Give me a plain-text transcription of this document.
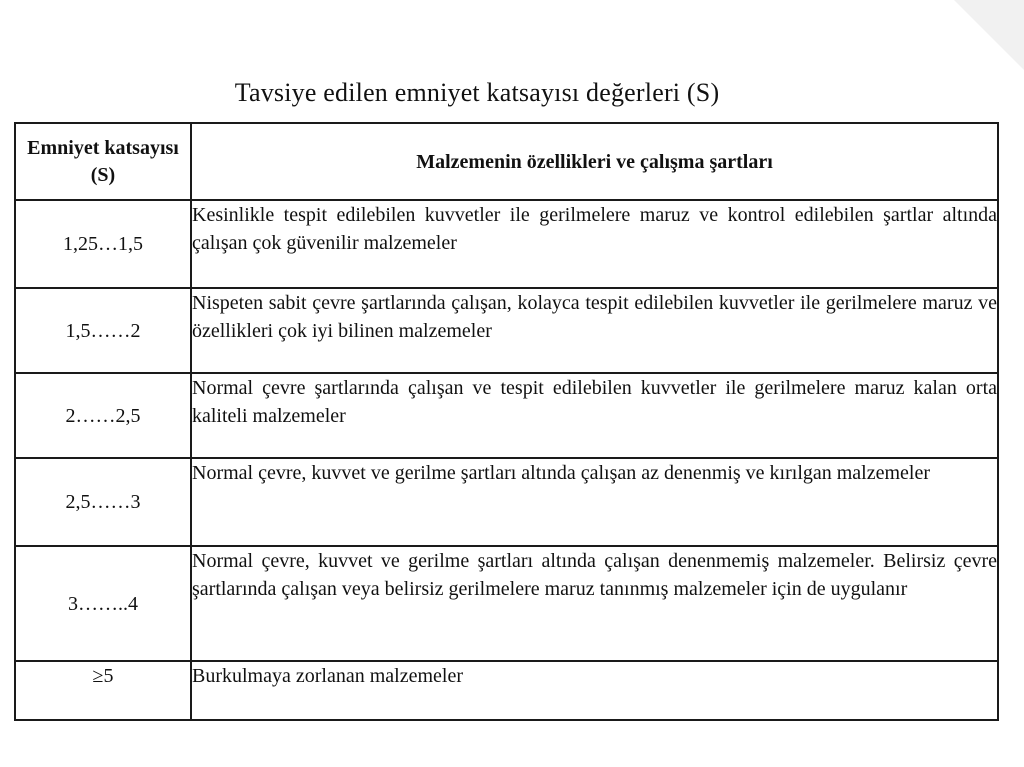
Tavsiye edilen emniyet katsayısı değerleri (S)
Emniyet katsayısı (S)	Malzemenin özellikleri ve çalışma şartları
1,25…1,5	Kesinlikle tespit edilebilen kuvvetler ile gerilmelere maruz ve kontrol edilebilen şartlar altında çalışan çok güvenilir malzemeler
1,5……2	Nispeten sabit çevre şartlarında çalışan, kolayca tespit edilebilen kuvvetler ile gerilmelere maruz ve özellikleri çok iyi bilinen malzemeler
2……2,5	Normal çevre şartlarında çalışan ve tespit edilebilen kuvvetler ile gerilmelere maruz kalan orta kaliteli malzemeler
2,5……3	Normal çevre, kuvvet ve gerilme şartları altında çalışan az denenmiş ve kırılgan malzemeler
3……..4	Normal çevre, kuvvet ve gerilme şartları altında çalışan denenmemiş malzemeler. Belirsiz çevre şartlarında çalışan veya belirsiz gerilmelere maruz tanınmış malzemeler için de uygulanır
≥5	Burkulmaya zorlanan malzemeler
